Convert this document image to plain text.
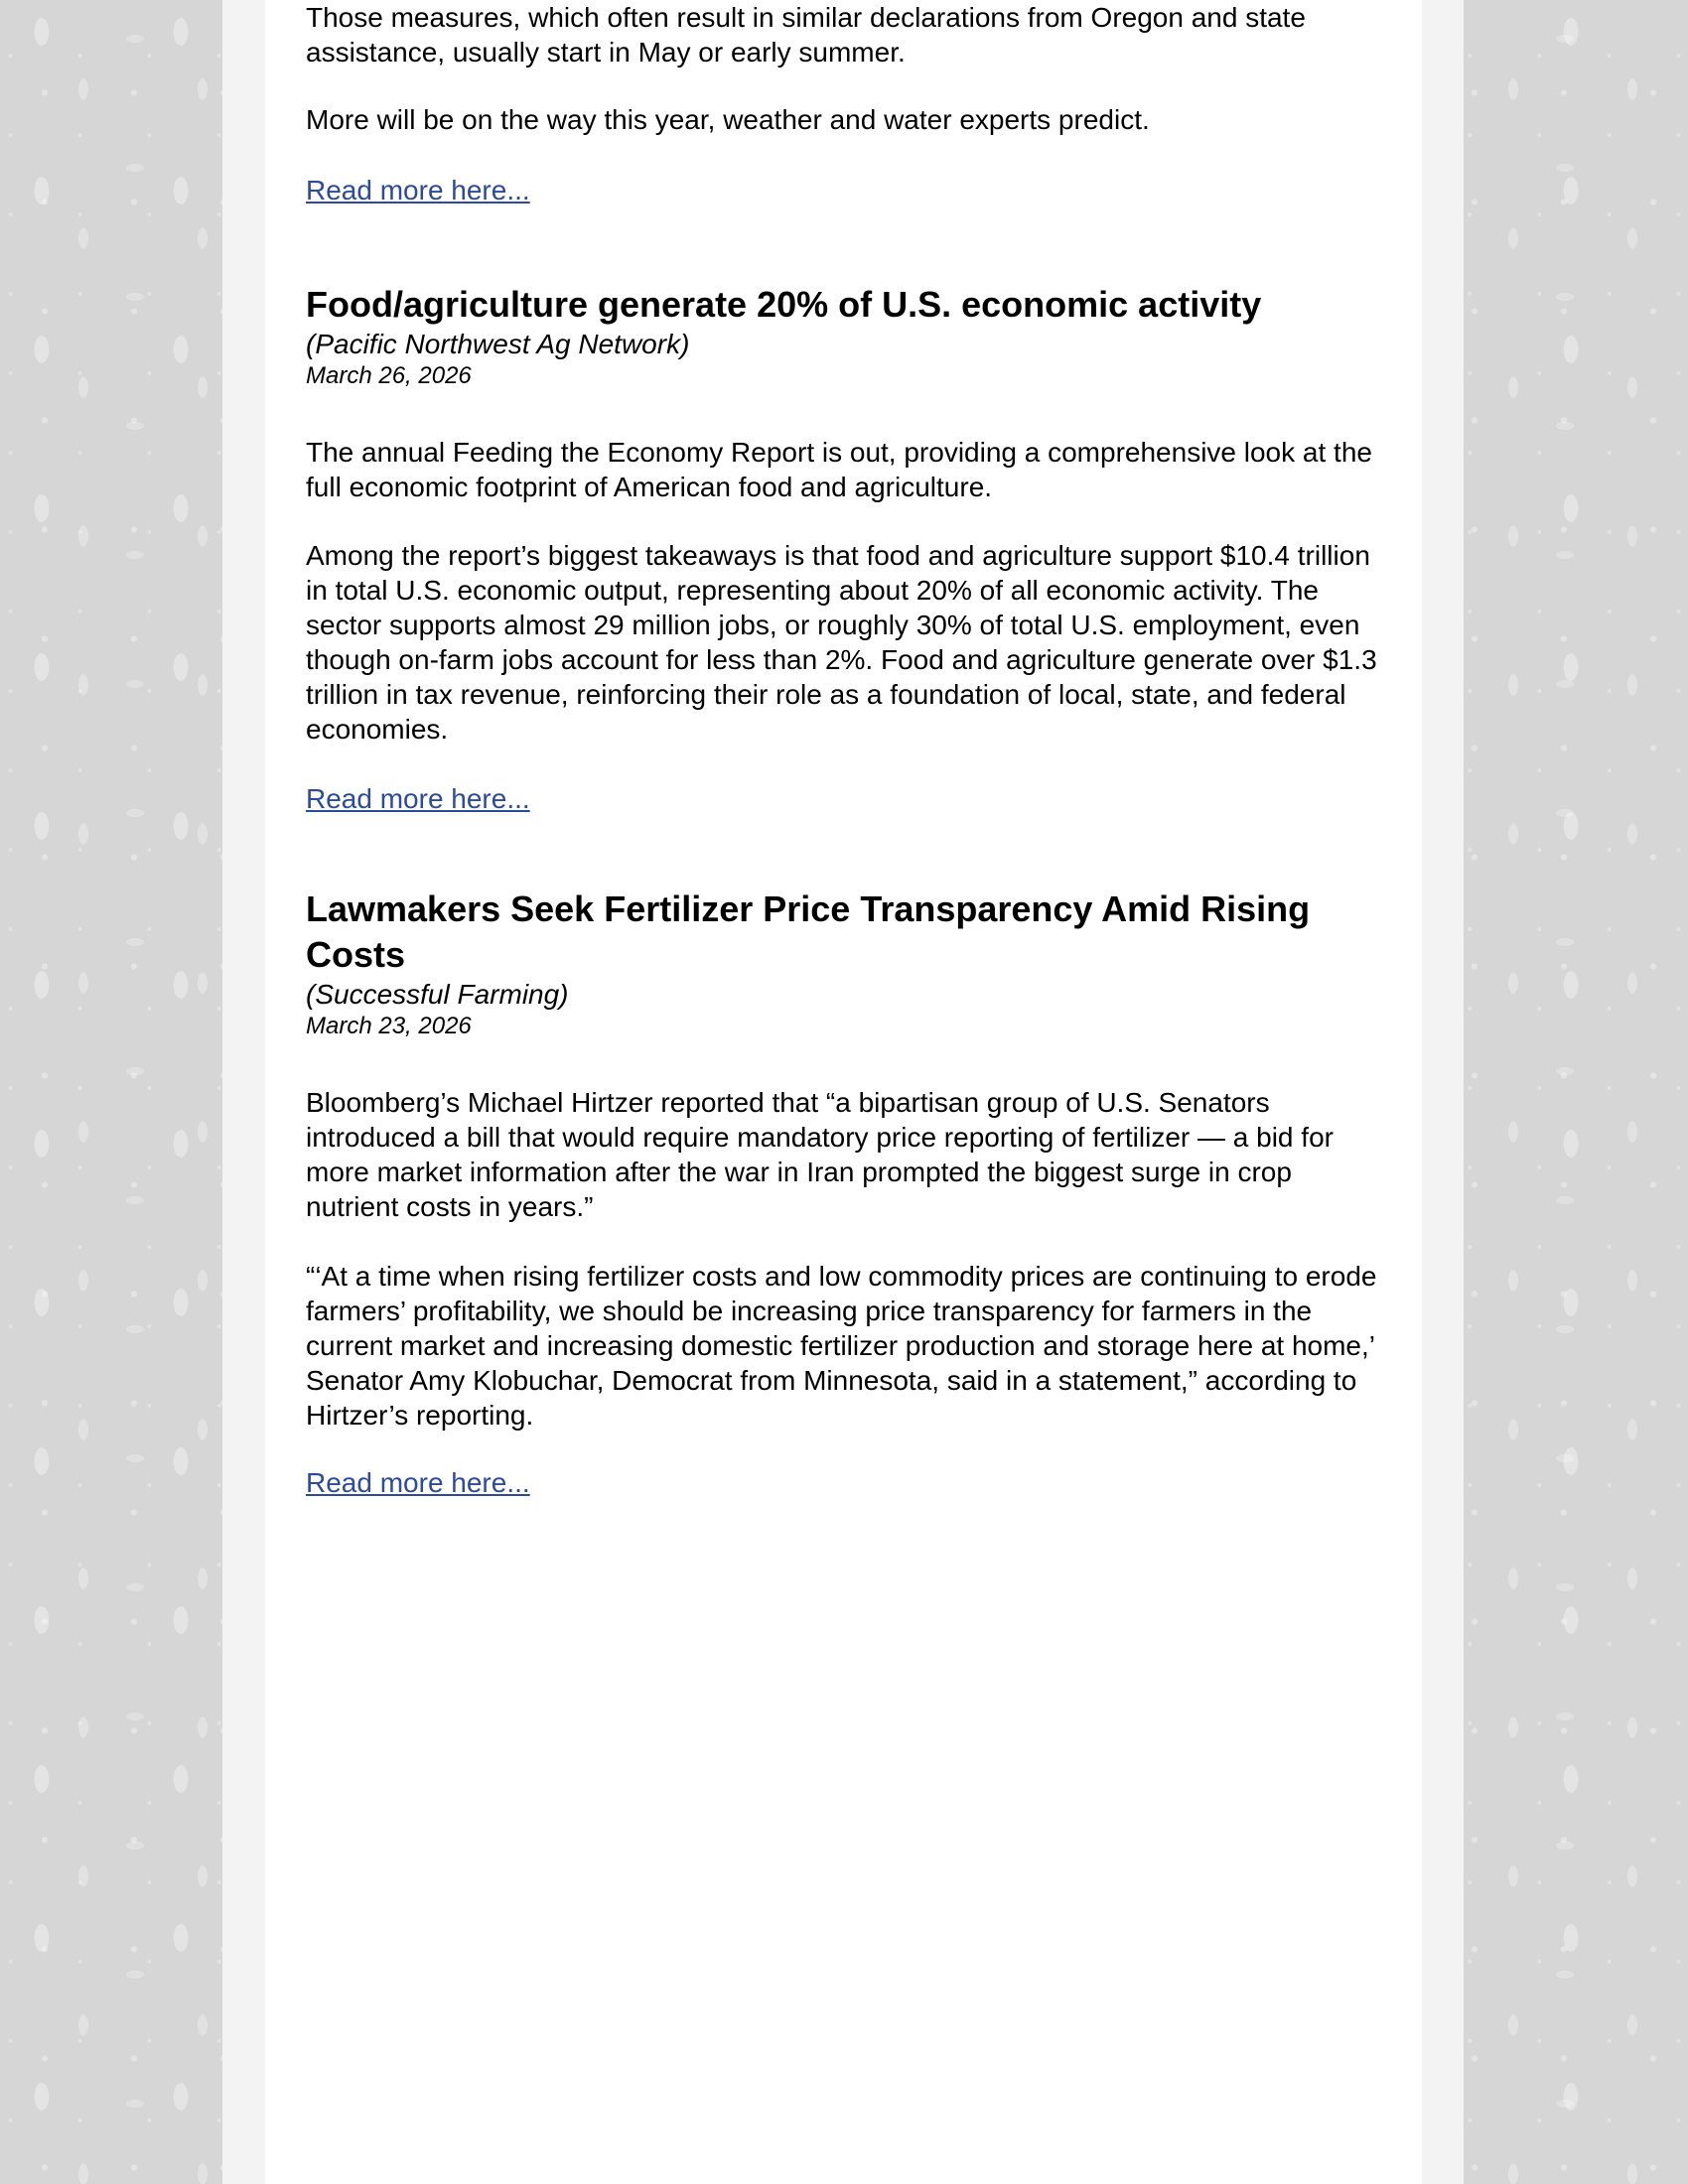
Those measures, which often result in similar declarations from Oregon and state assistance, usually start in May or early summer.

More will be on the way this year, weather and water experts predict.

Read more here...
Food/agriculture generate 20% of U.S. economic activity
(Pacific Northwest Ag Network)
March 26, 2026

The annual Feeding the Economy Report is out, providing a comprehensive look at the full economic footprint of American food and agriculture.

Among the report’s biggest takeaways is that food and agriculture support $10.4 trillion in total U.S. economic output, representing about 20% of all economic activity. The sector supports almost 29 million jobs, or roughly 30% of total U.S. employment, even though on-farm jobs account for less than 2%. Food and agriculture generate over $1.3 trillion in tax revenue, reinforcing their role as a foundation of local, state, and federal economies.

Read more here...
Lawmakers Seek Fertilizer Price Transparency Amid Rising Costs
(Successful Farming)
March 23, 2026

Bloomberg’s Michael Hirtzer reported that “a bipartisan group of U.S. Senators introduced a bill that would require mandatory price reporting of fertilizer — a bid for more market information after the war in Iran prompted the biggest surge in crop nutrient costs in years.”

“‘At a time when rising fertilizer costs and low commodity prices are continuing to erode farmers’ profitability, we should be increasing price transparency for farmers in the current market and increasing domestic fertilizer production and storage here at home,’ Senator Amy Klobuchar, Democrat from Minnesota, said in a statement,” according to Hirtzer’s reporting.

Read more here...
